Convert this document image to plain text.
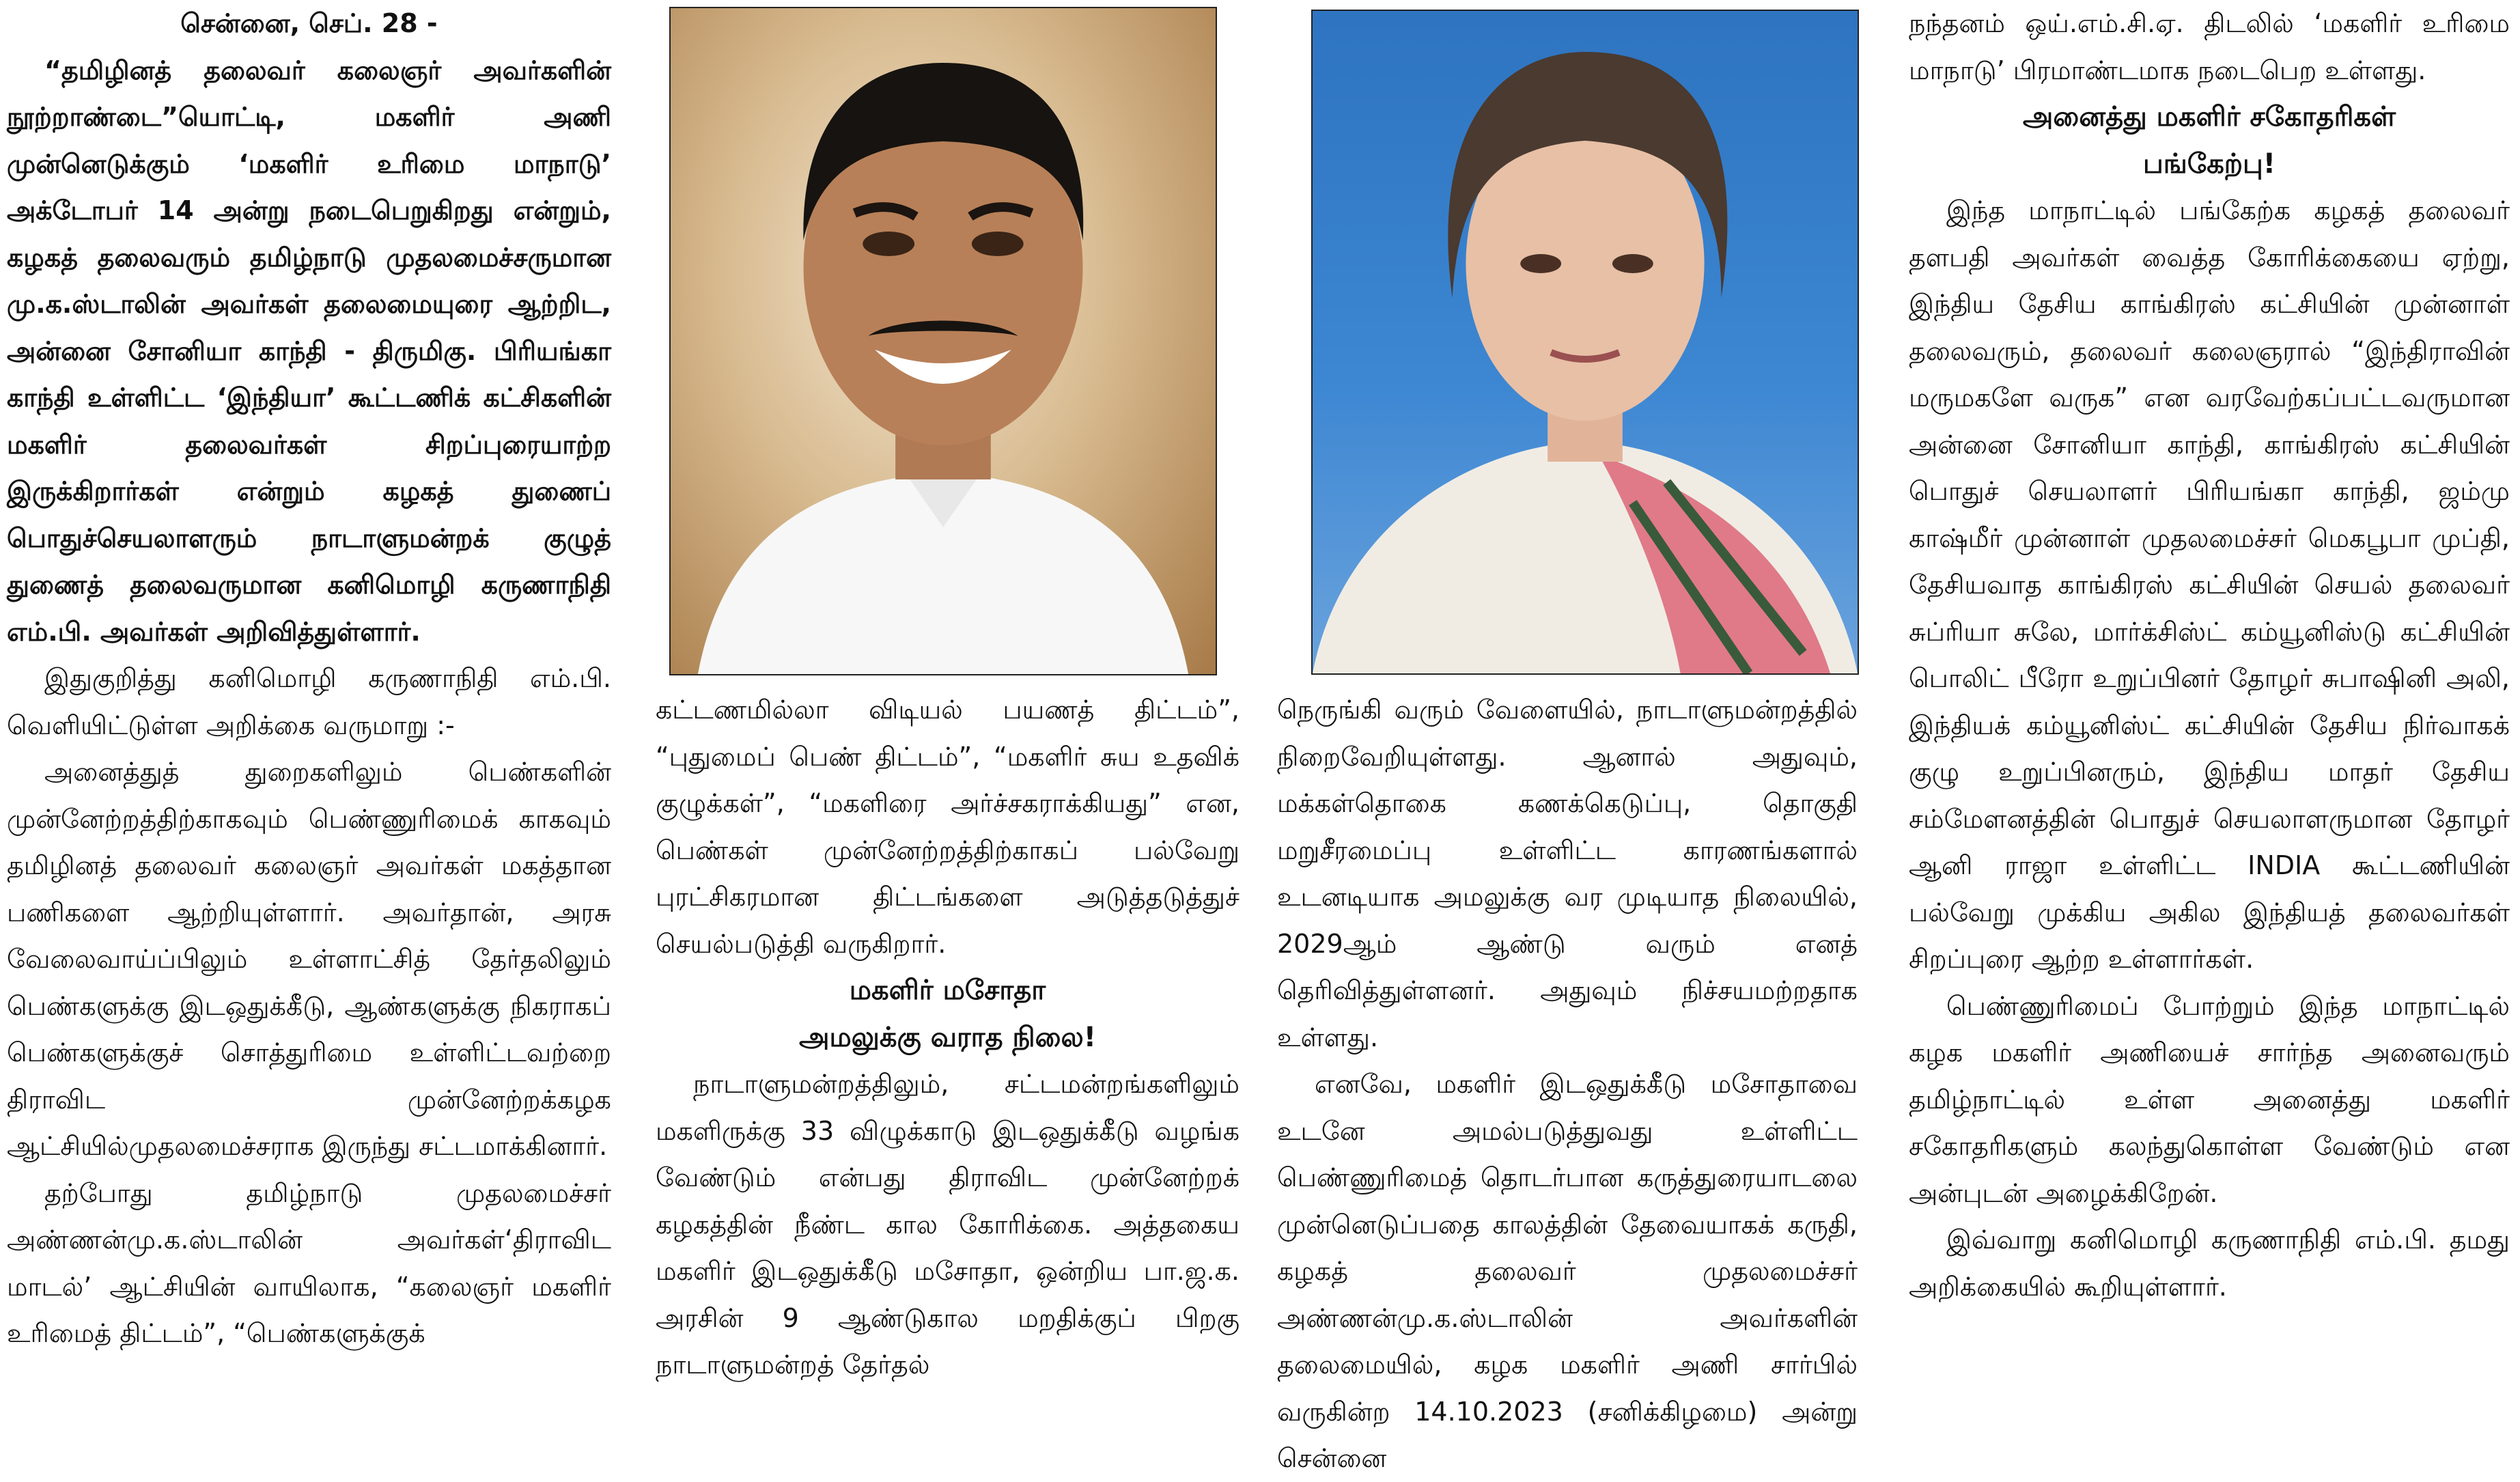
சென்னை, செப். 28 -

“தமிழினத் தலைவர் கலைஞர் அவர்களின் நூற்றாண்டை”யொட்டி, மகளிர் அணி முன்னெடுக்கும் ‘மகளிர் உரிமை மாநாடு’ அக்டோபர் 14 அன்று நடைபெறுகிறது என்றும், கழகத் தலைவரும் தமிழ்நாடு முதலமைச்சருமான மு.க.ஸ்டாலின் அவர்கள் தலைமையுரை ஆற்றிட, அன்னை சோனியா காந்தி - திருமிகு. பிரியங்கா காந்தி உள்ளிட்ட ‘இந்தியா’ கூட்டணிக் கட்சிகளின் மகளிர் தலைவர்கள் சிறப்புரையாற்ற இருக்கிறார்கள் என்றும் கழகத் துணைப் பொதுச்செயலாளரும் நாடாளுமன்றக் குழுத் துணைத் தலைவருமான கனிமொழி கருணாநிதி எம்.பி. அவர்கள் அறிவித்துள்ளார்.

இதுகுறித்து கனிமொழி கருணாநிதி எம்.பி. வெளியிட்டுள்ள அறிக்கை வருமாறு :-

அனைத்துத் துறைகளிலும் பெண்களின் முன்னேற்றத்திற்காகவும் பெண்ணுரிமைக் காகவும் தமிழினத் தலைவர் கலைஞர் அவர்கள் மகத்தான பணிகளை ஆற்றியுள்ளார். அவர்தான், அரசு வேலைவாய்ப்பிலும் உள்ளாட்சித் தேர்தலிலும் பெண்களுக்கு இடஒதுக்கீடு, ஆண்களுக்கு நிகராகப் பெண்களுக்குச் சொத்துரிமை உள்ளிட்டவற்றை திராவிட முன்னேற்றக்கழக ஆட்சியில்முதலமைச்சராக இருந்து சட்டமாக்கினார்.

தற்போது தமிழ்நாடு முதலமைச்சர் அண்ணன்மு.க.ஸ்டாலின் அவர்கள்‘திராவிட மாடல்’ ஆட்சியின் வாயிலாக, “கலைஞர் மகளிர் உரிமைத் திட்டம்”, “பெண்களுக்குக்

கட்டணமில்லா விடியல் பயணத் திட்டம்”, “புதுமைப் பெண் திட்டம்”, “மகளிர் சுய உதவிக் குழுக்கள்”, “மகளிரை அர்ச்சகராக்கியது” என, பெண்கள் முன்னேற்றத்திற்காகப் பல்வேறு புரட்சிகரமான திட்டங்களை அடுத்தடுத்துச் செயல்படுத்தி வருகிறார்.

மகளிர் மசோதா

அமலுக்கு வராத நிலை!

நாடாளுமன்றத்திலும், சட்டமன்றங்களிலும் மகளிருக்கு 33 விழுக்காடு இடஒதுக்கீடு வழங்க வேண்டும் என்பது திராவிட முன்னேற்றக் கழகத்தின் நீண்ட கால கோரிக்கை. அத்தகைய மகளிர் இடஒதுக்கீடு மசோதா, ஒன்றிய பா.ஜ.க. அரசின் 9 ஆண்டுகால மறதிக்குப் பிறகு நாடாளுமன்றத் தேர்தல்

நெருங்கி வரும் வேளையில், நாடாளுமன்றத்தில் நிறைவேறியுள்ளது. ஆனால் அதுவும், மக்கள்தொகை கணக்கெடுப்பு, தொகுதி மறுசீரமைப்பு உள்ளிட்ட காரணங்களால் உடனடியாக அமலுக்கு வர முடியாத நிலையில், 2029ஆம் ஆண்டு வரும் எனத் தெரிவித்துள்ளனர். அதுவும் நிச்சயமற்றதாக உள்ளது.

எனவே, மகளிர் இடஒதுக்கீடு மசோதாவை உடனே அமல்படுத்துவது உள்ளிட்ட பெண்ணுரிமைத் தொடர்பான கருத்துரையாடலை முன்னெடுப்பதை காலத்தின் தேவையாகக் கருதி, கழகத் தலைவர் முதலமைச்சர் அண்ணன்மு.க.ஸ்டாலின் அவர்களின் தலைமையில், கழக மகளிர் அணி சார்பில் வருகின்ற 14.10.2023 (சனிக்கிழமை) அன்று சென்னை

நந்தனம் ஒய்.எம்.சி.ஏ. திடலில் ‘மகளிர் உரிமை மாநாடு’ பிரமாண்டமாக நடைபெற உள்ளது.

அனைத்து மகளிர் சகோதரிகள்

பங்கேற்பு!

இந்த மாநாட்டில் பங்கேற்க கழகத் தலைவர் தளபதி அவர்கள் வைத்த கோரிக்கையை ஏற்று, இந்திய தேசிய காங்கிரஸ் கட்சியின் முன்னாள் தலைவரும், தலைவர் கலைஞரால் “இந்திராவின் மருமகளே வருக” என வரவேற்கப்பட்டவருமான அன்னை சோனியா காந்தி, காங்கிரஸ் கட்சியின் பொதுச் செயலாளர் பிரியங்கா காந்தி, ஜம்மு காஷ்மீர் முன்னாள் முதலமைச்சர் மெகபூபா முப்தி, தேசியவாத காங்கிரஸ் கட்சியின் செயல் தலைவர் சுப்ரியா சுலே, மார்க்சிஸ்ட் கம்யூனிஸ்டு கட்சியின் பொலிட் பீரோ உறுப்பினர் தோழர் சுபாஷினி அலி, இந்தியக் கம்யூனிஸ்ட் கட்சியின் தேசிய நிர்வாகக் குழு உறுப்பினரும், இந்திய மாதர் தேசிய சம்மேளனத்தின் பொதுச் செயலாளருமான தோழர் ஆனி ராஜா உள்ளிட்ட INDIA கூட்டணியின் பல்வேறு முக்கிய அகில இந்தியத் தலைவர்கள் சிறப்புரை ஆற்ற உள்ளார்கள்.

பெண்ணுரிமைப் போற்றும் இந்த மாநாட்டில் கழக மகளிர் அணியைச் சார்ந்த அனைவரும் தமிழ்நாட்டில் உள்ள அனைத்து மகளிர் சகோதரிகளும் கலந்துகொள்ள வேண்டும் என அன்புடன் அழைக்கிறேன்.

இவ்வாறு கனிமொழி கருணாநிதி எம்.பி. தமது அறிக்கையில் கூறியுள்ளார்.
